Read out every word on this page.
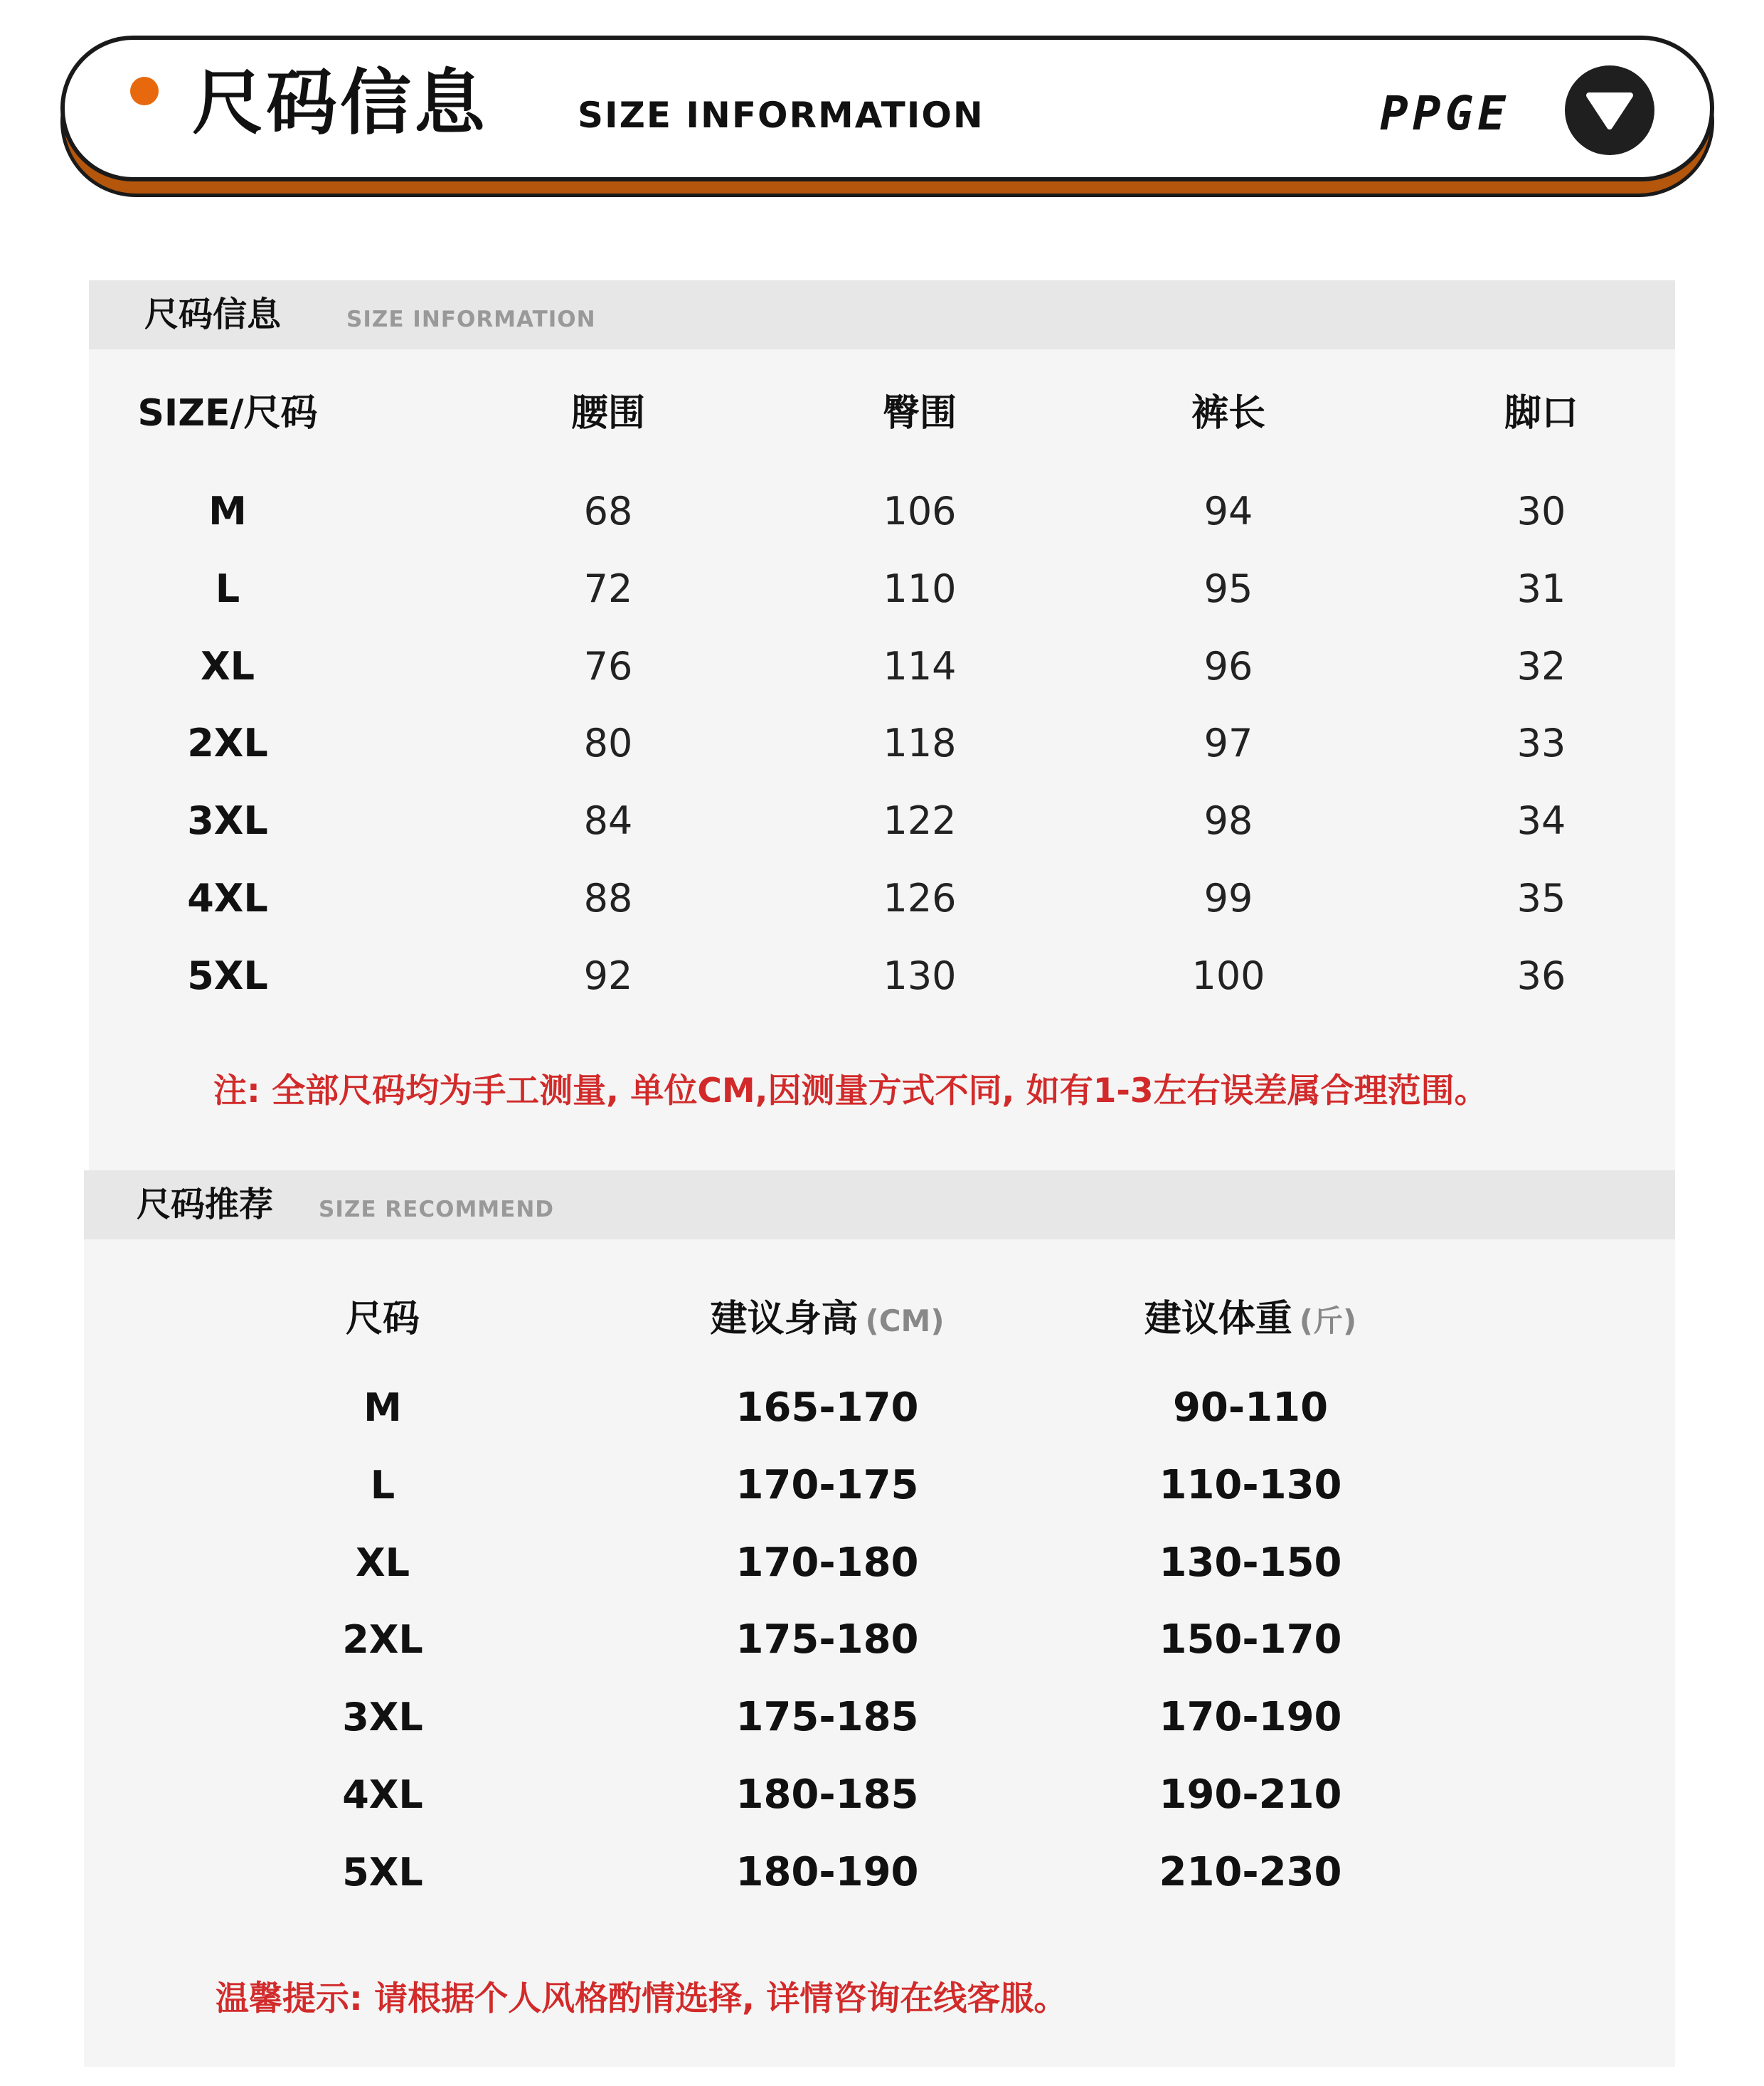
尺码信息	SIZE INFORMATION	PPGE
尺码信息	SIZE INFORMATION
SIZE/尺码	腰围	臀围	裤长	脚口
M	68	106	94	30
L	72	110	95	31
XL	76	114	96	32
2XL	80	118	97	33
3XL	84	122	98	34
4XL	88	126	99	35
5XL	92	130	100	36
注: 全部尺码均为手工测量, 单位CM,因测量方式不同, 如有1-3左右误差属合理范围。
尺码推荐 SIZE RECOMMEND
尺码	建议身高 (CM)	建议体重 (斤)
M	165-170	90-110
L	170-175	110-130
XL	170-180	130-150
2XL	175-180	150-170
3XL	175-185	170-190
4XL	180-185	190-210
5XL	180-190	210-230
温馨提示: 请根据个人风格酌情选择, 详情咨询在线客服。
